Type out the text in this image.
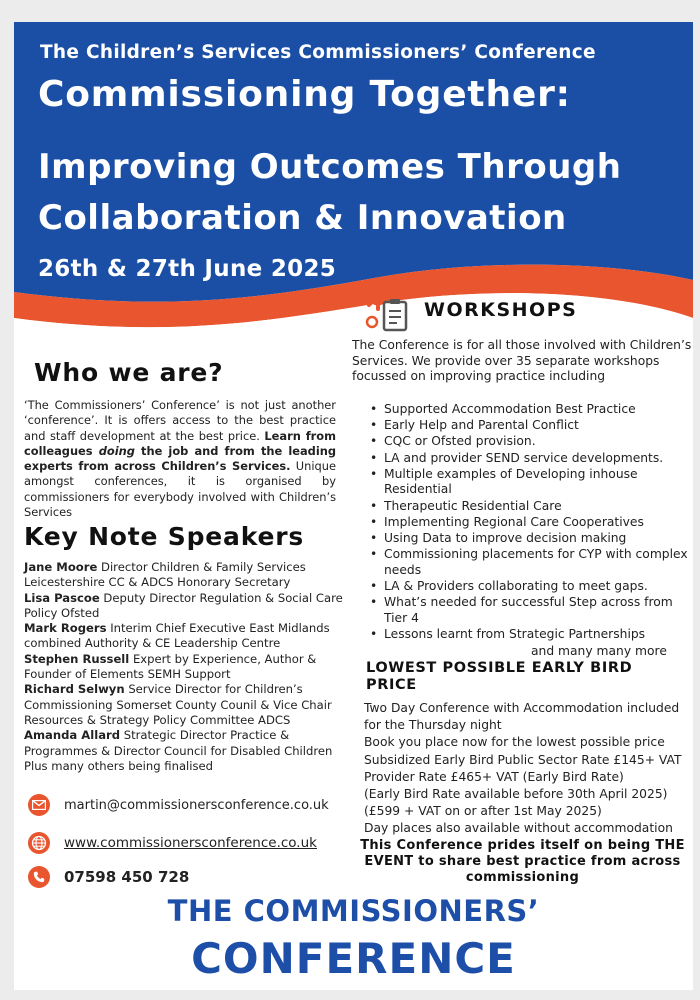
The Children’s Services Commissioners’ Conference
Commissioning Together:
Improving Outcomes Through
Collaboration & Innovation
26th & 27th June 2025
WORKSHOPS
The Conference is for all those involved with Children’s Services. We provide over 35 separate workshops focussed on improving practice including
• Supported Accommodation Best Practice
• Early Help and Parental Conflict
• CQC or Ofsted provision.
• LA and provider SEND service developments.
• Multiple examples of Developing inhouse Residential
• Therapeutic Residential Care
• Implementing Regional Care Cooperatives
• Using Data to improve decision making
• Commissioning placements for CYP with complex needs
• LA & Providers collaborating to meet gaps.
• What’s needed for successful Step across from Tier 4
• Lessons learnt from Strategic Partnerships
and many many more
LOWEST POSSIBLE EARLY BIRD PRICE
Two Day Conference with Accommodation included for the Thursday night
Book you place now for the lowest possible price
Subsidized Early Bird Public Sector Rate £145+ VAT
Provider Rate £465+ VAT (Early Bird Rate)
(Early Bird Rate available before 30th April 2025)
(£599 + VAT on or after 1st May 2025)
Day places also available without accommodation
This Conference prides itself on being THE EVENT to share best practice from across commissioning
Who we are?
‘The Commissioners’ Conference’ is not just another ‘conference’. It is offers access to the best practice and staff development at the best price. Learn from colleagues doing the job and from the leading experts from across Children’s Services. Unique amongst conferences, it is organised by commissioners for everybody involved with Children’s Services
Key Note Speakers
Jane Moore Director Children & Family Services Leicestershire CC & ADCS Honorary Secretary
Lisa Pascoe Deputy Director Regulation & Social Care Policy Ofsted
Mark Rogers Interim Chief Executive East Midlands combined Authority & CE Leadership Centre
Stephen Russell Expert by Experience, Author & Founder of Elements SEMH Support
Richard Selwyn Service Director for Children’s Commissioning Somerset County Counil & Vice Chair Resources & Strategy Policy Committee ADCS
Amanda Allard Strategic Director Practice & Programmes & Director Council for Disabled Children
Plus many others being finalised
martin@commissionersconference.co.uk
www.commissionersconference.co.uk
07598 450 728
THE COMMISSIONERS’
CONFERENCE
